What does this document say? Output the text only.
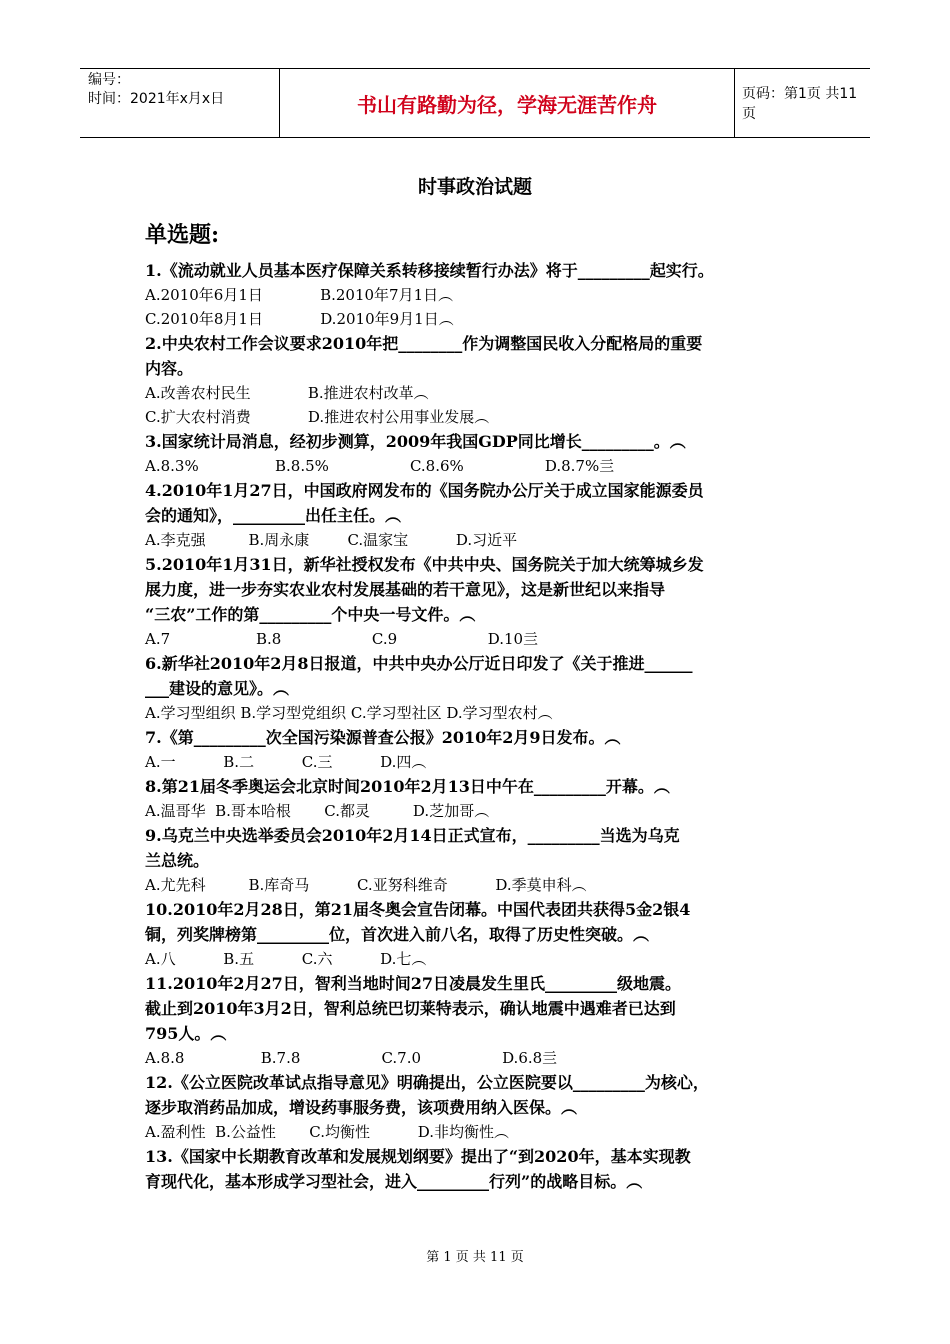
编号：
时间：2021年x月x日	书山有路勤为径，学海无涯苦作舟	页码：第1页 共11页
时事政治试题
单选题:

1.《流动就业人员基本医疗保障关系转移接续暂行办法》将于_________起实行。

A.2010年6月1日            B.2010年7月1日︵

C.2010年8月1日            D.2010年9月1日︵

2.中央农村工作会议要求2010年把________作为调整国民收入分配格局的重要

内容。

A.改善农村民生            B.推进农村改革︵

C.扩大农村消费            D.推进农村公用事业发展︵

3.国家统计局消息，经初步测算，2009年我国GDP同比增长_________。︵

A.8.3%                B.8.5%                 C.8.6%                 D.8.7%亖

4.2010年1月27日，中国政府网发布的《国务院办公厅关于成立国家能源委员

会的通知》，_________出任主任。︵

A.李克强         B.周永康        C.温家宝          D.习近平

5.2010年1月31日，新华社授权发布《中共中央、国务院关于加大统筹城乡发

展力度，进一步夯实农业农村发展基础的若干意见》，这是新世纪以来指导

“三农”工作的第_________个中央一号文件。︵

A.7                  B.8                   C.9                   D.10亖

6.新华社2010年2月8日报道，中共中央办公厅近日印发了《关于推进______

___建设的意见》。︵

A.学习型组织 B.学习型党组织 C.学习型社区 D.学习型农村︵

7.《第_________次全国污染源普查公报》2010年2月9日发布。︵

A.一          B.二          C.三          D.四︵

8.第21届冬季奥运会北京时间2010年2月13日中午在_________开幕。︵

A.温哥华  B.哥本哈根       C.都灵         D.芝加哥︵

9.乌克兰中央选举委员会2010年2月14日正式宣布，_________当选为乌克

兰总统。

A.尤先科         B.库奇马          C.亚努科维奇          D.季莫申科︵

10.2010年2月28日，第21届冬奥会宣告闭幕。中国代表团共获得5金2银4

铜，列奖牌榜第_________位，首次进入前八名，取得了历史性突破。︵

A.八          B.五          C.六          D.七︵

11.2010年2月27日，智利当地时间27日凌晨发生里氏_________级地震。

截止到2010年3月2日，智利总统巴切莱特表示，确认地震中遇难者已达到

795人。︵

A.8.8                B.7.8                 C.7.0                 D.6.8亖

12.《公立医院改革试点指导意见》明确提出，公立医院要以_________为核心，

逐步取消药品加成，增设药事服务费，该项费用纳入医保。︵

A.盈利性  B.公益性       C.均衡性          D.非均衡性︵

13.《国家中长期教育改革和发展规划纲要》提出了“到2020年，基本实现教

育现代化，基本形成学习型社会，进入_________行列”的战略目标。︵

第 1 页 共 11 页
